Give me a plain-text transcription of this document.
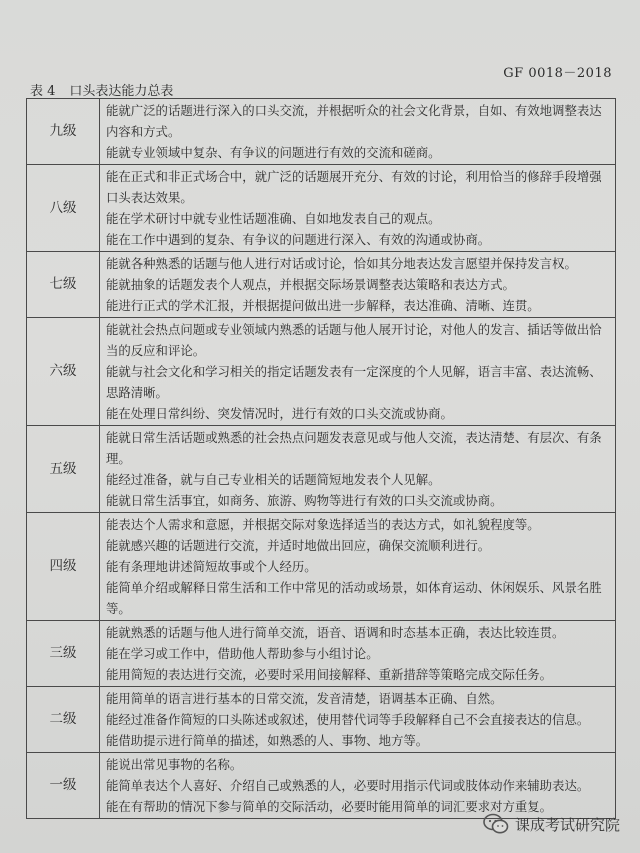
GF 0018－2018
表 4 口头表达能力总表
九级	能就广泛的话题进行深入的口头交流，并根据听众的社会文化背景，自如、有效地调整表达内容和方式。

能就专业领域中复杂、有争议的问题进行有效的交流和磋商。

八级	能在正式和非正式场合中，就广泛的话题展开充分、有效的讨论，利用恰当的修辞手段增强口头表达效果。

能在学术研讨中就专业性话题准确、自如地发表自己的观点。

能在工作中遇到的复杂、有争议的问题进行深入、有效的沟通或协商。

七级	能就各种熟悉的话题与他人进行对话或讨论，恰如其分地表达发言愿望并保持发言权。

能就抽象的话题发表个人观点，并根据交际场景调整表达策略和表达方式。

能进行正式的学术汇报，并根据提问做出进一步解释，表达准确、清晰、连贯。

六级	能就社会热点问题或专业领域内熟悉的话题与他人展开讨论，对他人的发言、插话等做出恰当的反应和评论。

能就与社会文化和学习相关的指定话题发表有一定深度的个人见解，语言丰富、表达流畅、思路清晰。

能在处理日常纠纷、突发情况时，进行有效的口头交流或协商。

五级	能就日常生活话题或熟悉的社会热点问题发表意见或与他人交流，表达清楚、有层次、有条理。

能经过准备，就与自己专业相关的话题简短地发表个人见解。

能就日常生活事宜，如商务、旅游、购物等进行有效的口头交流或协商。

四级	能表达个人需求和意愿，并根据交际对象选择适当的表达方式，如礼貌程度等。

能就感兴趣的话题进行交流，并适时地做出回应，确保交流顺利进行。

能有条理地讲述简短故事或个人经历。

能简单介绍或解释日常生活和工作中常见的活动或场景，如体育运动、休闲娱乐、风景名胜等。

三级	能就熟悉的话题与他人进行简单交流，语音、语调和时态基本正确，表达比较连贯。

能在学习或工作中，借助他人帮助参与小组讨论。

能用简短的表达进行交流，必要时采用间接解释、重新措辞等策略完成交际任务。

二级	能用简单的语言进行基本的日常交流，发音清楚，语调基本正确、自然。

能经过准备作简短的口头陈述或叙述，使用替代词等手段解释自己不会直接表达的信息。

能借助提示进行简单的描述，如熟悉的人、事物、地方等。

一级	能说出常见事物的名称。

能简单表达个人喜好、介绍自己或熟悉的人，必要时用指示代词或肢体动作来辅助表达。

能在有帮助的情况下参与简单的交际活动，必要时能用简单的词汇要求对方重复。

课成考试研究院
